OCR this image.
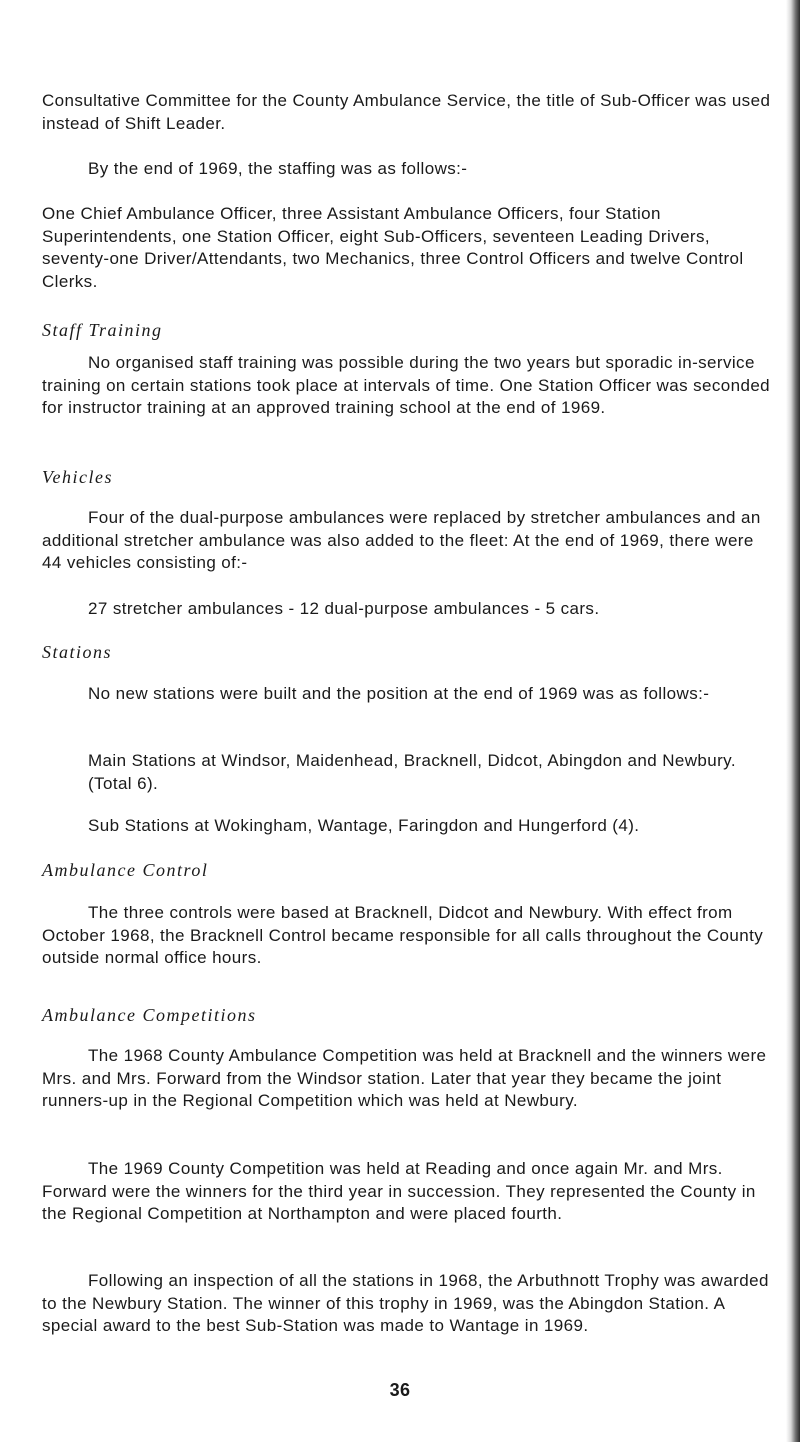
Consultative Committee for the County Ambulance Service, the title of Sub-Officer was used instead of Shift Leader.

By the end of 1969, the staffing was as follows:-

One Chief Ambulance Officer, three Assistant Ambulance Officers, four Station Superintendents, one Station Officer, eight Sub-Officers, seventeen Leading Drivers, seventy-one Driver/Attendants, two Mechanics, three Control Officers and twelve Control Clerks.

Staff Training

No organised staff training was possible during the two years but sporadic in-service training on certain stations took place at intervals of time. One Station Officer was seconded for instructor training at an approved training school at the end of 1969.

Vehicles

Four of the dual-purpose ambulances were replaced by stretcher ambulances and an additional stretcher ambulance was also added to the fleet: At the end of 1969, there were 44 vehicles consisting of:-

27 stretcher ambulances - 12 dual-purpose ambulances - 5 cars.

Stations

No new stations were built and the position at the end of 1969 was as follows:-

Main Stations at Windsor, Maidenhead, Bracknell, Didcot, Abingdon and Newbury. (Total 6).

Sub Stations at Wokingham, Wantage, Faringdon and Hungerford (4).

Ambulance Control

The three controls were based at Bracknell, Didcot and Newbury. With effect from October 1968, the Bracknell Control became responsible for all calls throughout the County outside normal office hours.

Ambulance Competitions

The 1968 County Ambulance Competition was held at Bracknell and the winners were Mrs. and Mrs. Forward from the Windsor station. Later that year they became the joint runners-up in the Regional Competition which was held at Newbury.

The 1969 County Competition was held at Reading and once again Mr. and Mrs. Forward were the winners for the third year in succession. They represented the County in the Regional Competition at Northampton and were placed fourth.

Following an inspection of all the stations in 1968, the Arbuthnott Trophy was awarded to the Newbury Station. The winner of this trophy in 1969, was the Abingdon Station. A special award to the best Sub-Station was made to Wantage in 1969.

36
